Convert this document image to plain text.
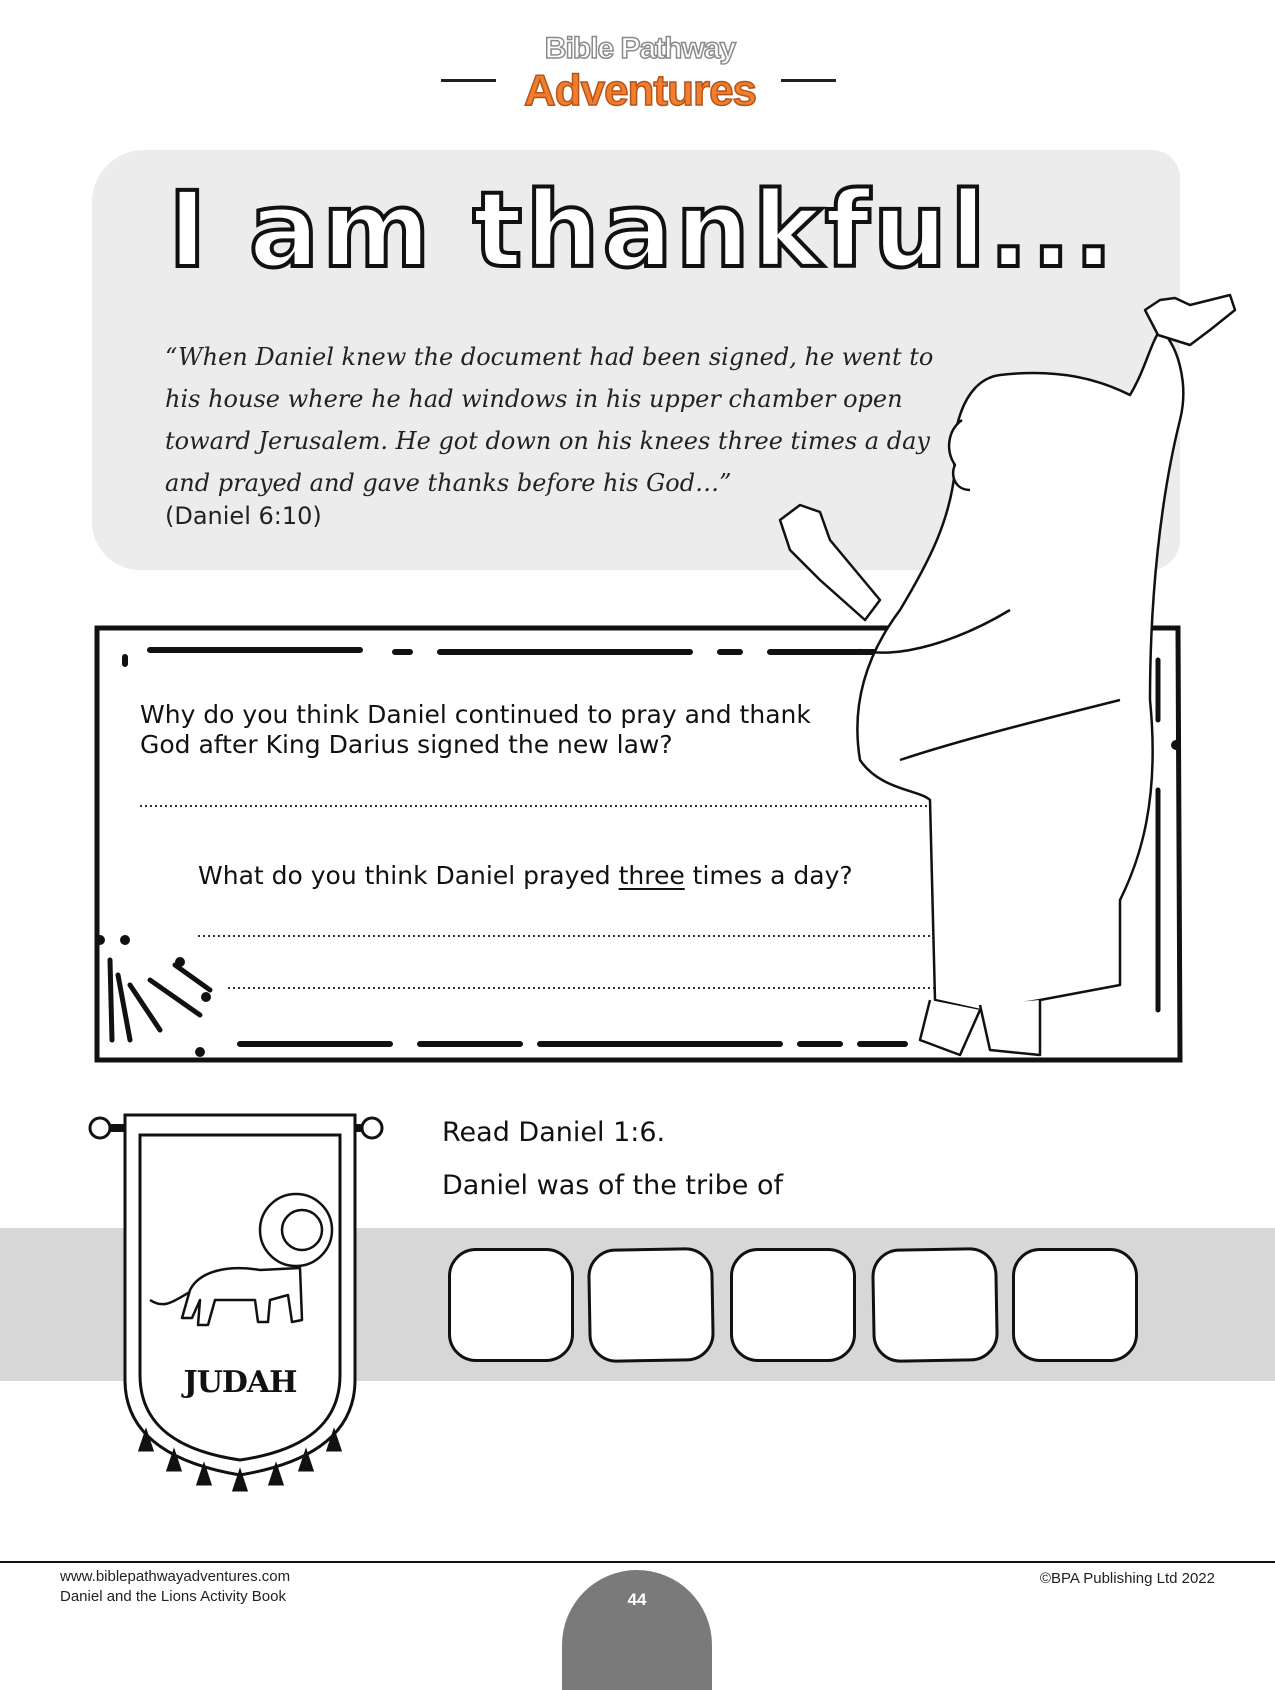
Bible Pathway
Adventures
I am thankful...
“When Daniel knew the document had been signed, he went to his house where he had windows in his upper chamber open toward Jerusalem. He got down on his knees three times a day and prayed and gave thanks before his God…”
(Daniel 6:10)
Why do you think Daniel continued to pray and thank God after King Darius signed the new law?
What do you think Daniel prayed three times a day?
Read Daniel 1:6.
Daniel was of the tribe of
JUDAH
www.biblepathwayadventures.com
Daniel and the Lions Activity Book
©BPA Publishing Ltd 2022
44
